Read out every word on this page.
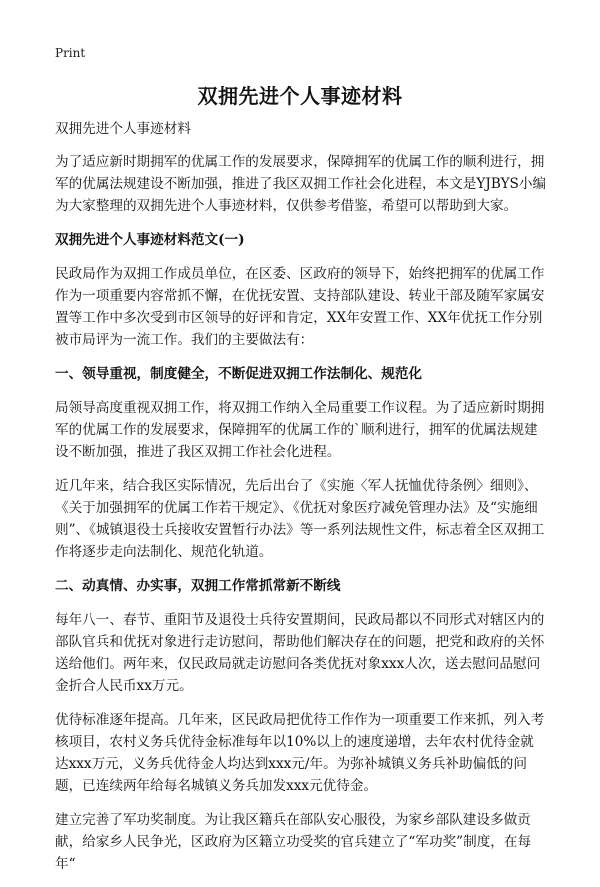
Print
双拥先进个人事迹材料

双拥先进个人事迹材料

为了适应新时期拥军的优属工作的发展要求，保障拥军的优属工作的顺利进行，拥军的优属法规建设不断加强，推进了我区双拥工作社会化进程，本文是YJBYS小编为大家整理的双拥先进个人事迹材料，仅供参考借鉴，希望可以帮助到大家。

双拥先进个人事迹材料范文(一)

民政局作为双拥工作成员单位，在区委、区政府的领导下，始终把拥军的优属工作作为一项重要内容常抓不懈，在优抚安置、支持部队建设、转业干部及随军家属安置等工作中多次受到市区领导的好评和肯定，XX年安置工作、XX年优抚工作分别被市局评为一流工作。我们的主要做法有：

一、领导重视，制度健全，不断促进双拥工作法制化、规范化

局领导高度重视双拥工作，将双拥工作纳入全局重要工作议程。为了适应新时期拥军的优属工作的发展要求，保障拥军的优属工作的`顺利进行，拥军的优属法规建设不断加强，推进了我区双拥工作社会化进程。

近几年来，结合我区实际情况，先后出台了《实施〈军人抚恤优待条例〉细则》、《关于加强拥军的优属工作若干规定》、《优抚对象医疗减免管理办法》及“实施细则”、《城镇退役士兵接收安置暂行办法》等一系列法规性文件，标志着全区双拥工作将逐步走向法制化、规范化轨道。

二、动真情、办实事，双拥工作常抓常新不断线

每年八一、春节、重阳节及退役士兵待安置期间，民政局都以不同形式对辖区内的部队官兵和优抚对象进行走访慰问，帮助他们解决存在的问题，把党和政府的关怀送给他们。两年来，仅民政局就走访慰问各类优抚对象xxx人次，送去慰问品慰问金折合人民币xx万元。

优待标准逐年提高。几年来，区民政局把优待工作作为一项重要工作来抓，列入考核项目，农村义务兵优待金标准每年以10%以上的速度递增，去年农村优待金就达xxx万元，义务兵优待金人均达到xxx元/年。为弥补城镇义务兵补助偏低的问题，已连续两年给每名城镇义务兵加发xxx元优待金。

建立完善了军功奖制度。为让我区籍兵在部队安心服役，为家乡部队建设多做贡献，给家乡人民争光，区政府为区籍立功受奖的官兵建立了“军功奖”制度，在每年“
